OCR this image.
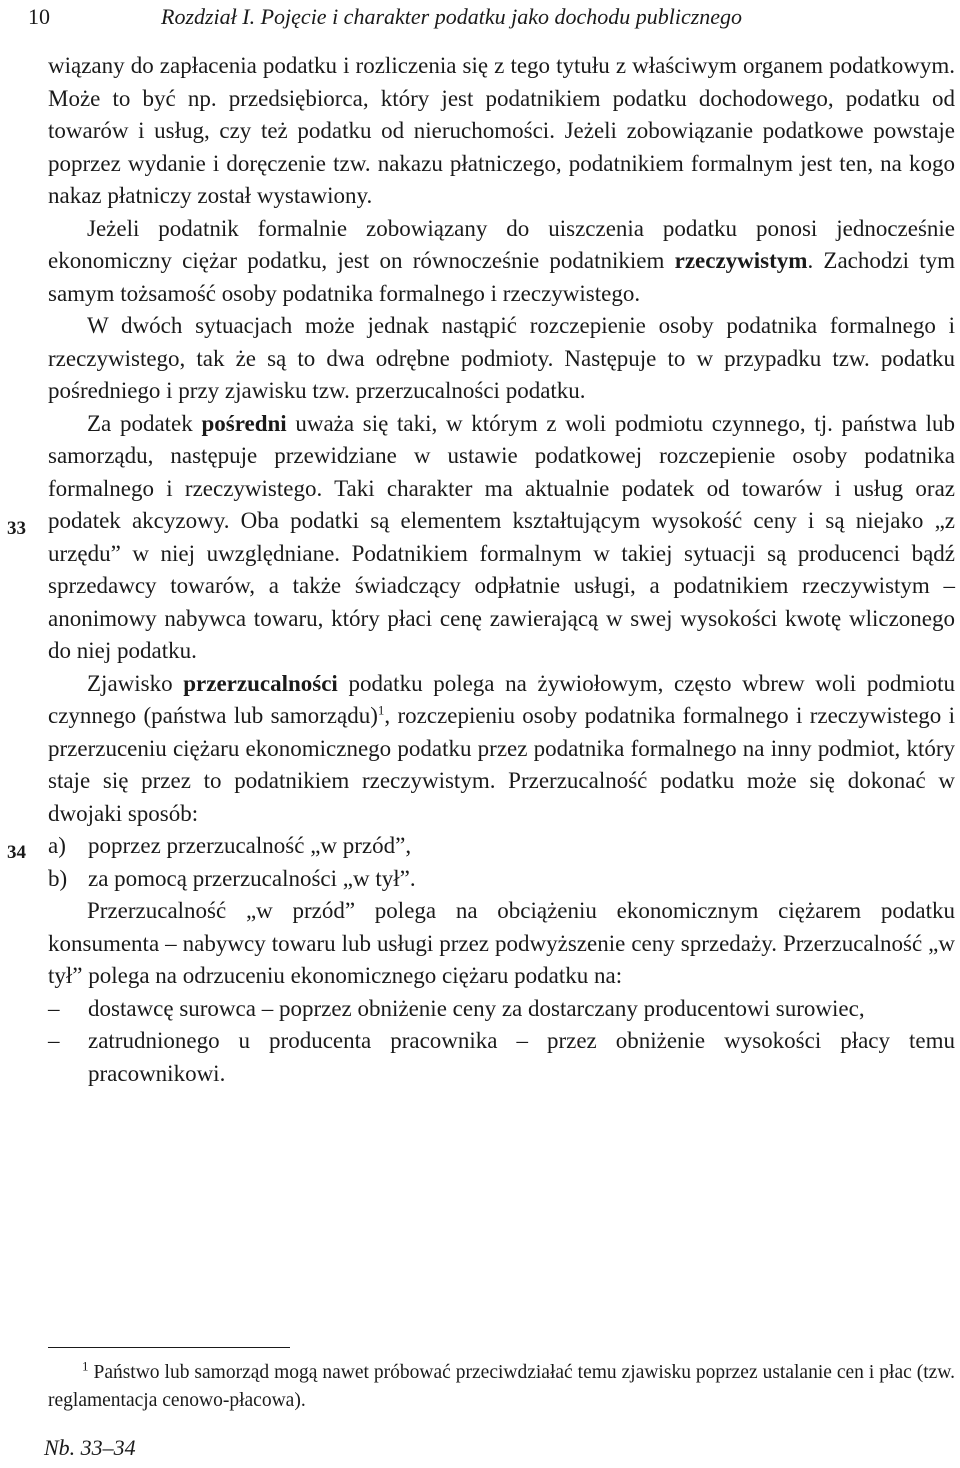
10	Rozdział I. Pojęcie i charakter podatku jako dochodu publicznego
33
34

wiązany do zapłacenia podatku i rozliczenia się z tego tytułu z właściwym organem podatkowym. Może to być np. przedsiębiorca, który jest podatnikiem podatku dochodowego, podatku od towarów i usług, czy też podatku od nieruchomości. Jeżeli zobowiązanie podatkowe powstaje poprzez wydanie i doręczenie tzw. nakazu płatniczego, podatnikiem formalnym jest ten, na kogo nakaz płatniczy został wystawiony.

Jeżeli podatnik formalnie zobowiązany do uiszczenia podatku ponosi jednocześnie ekonomiczny ciężar podatku, jest on równocześnie podatnikiem rzeczywistym. Zachodzi tym samym tożsamość osoby podatnika formalnego i rzeczywistego.

W dwóch sytuacjach może jednak nastąpić rozczepienie osoby podatnika formalnego i rzeczywistego, tak że są to dwa odrębne podmioty. Następuje to w przypadku tzw. podatku pośredniego i przy zjawisku tzw. przerzucalności podatku.

Za podatek pośredni uważa się taki, w którym z woli podmiotu czynnego, tj. państwa lub samorządu, następuje przewidziane w ustawie podatkowej rozczepienie osoby podatnika formalnego i rzeczywistego. Taki charakter ma aktualnie podatek od towarów i usług oraz podatek akcyzowy. Oba podatki są elementem kształtującym wysokość ceny i są niejako „z urzędu” w niej uwzględniane. Podatnikiem formalnym w takiej sytuacji są producenci bądź sprzedawcy towarów, a także świadczący odpłatnie usługi, a podatnikiem rzeczywistym – anonimowy nabywca towaru, który płaci cenę zawierającą w swej wysokości kwotę wliczonego do niej podatku.

Zjawisko przerzucalności podatku polega na żywiołowym, często wbrew woli podmiotu czynnego (państwa lub samorządu)$^1$, rozczepieniu osoby podatnika formalnego i rzeczywistego i przerzuceniu ciężaru ekonomicznego podatku przez podatnika formalnego na inny podmiot, który staje się przez to podatnikiem rzeczywistym. Przerzucalność podatku może się dokonać w dwojaki sposób:

a) poprzez przerzucalność „w przód”,
b) za pomocą przerzucalności „w tył”.

Przerzucalność „w przód” polega na obciążeniu ekonomicznym ciężarem podatku konsumenta – nabywcy towaru lub usługi przez podwyższenie ceny sprzedaży. Przerzucalność „w tył” polega na odrzuceniu ekonomicznego ciężaru podatku na:

–	dostawcę surowca – poprzez obniżenie ceny za dostarczany producentowi surowiec,
–	zatrudnionego u producenta pracownika – przez obniżenie wysokości płacy temu pracownikowi.
$^1$ Państwo lub samorząd mogą nawet próbować przeciwdziałać temu zjawisku poprzez ustalanie cen i płac (tzw. reglamentacja cenowo-płacowa).
Nb. 33–34
